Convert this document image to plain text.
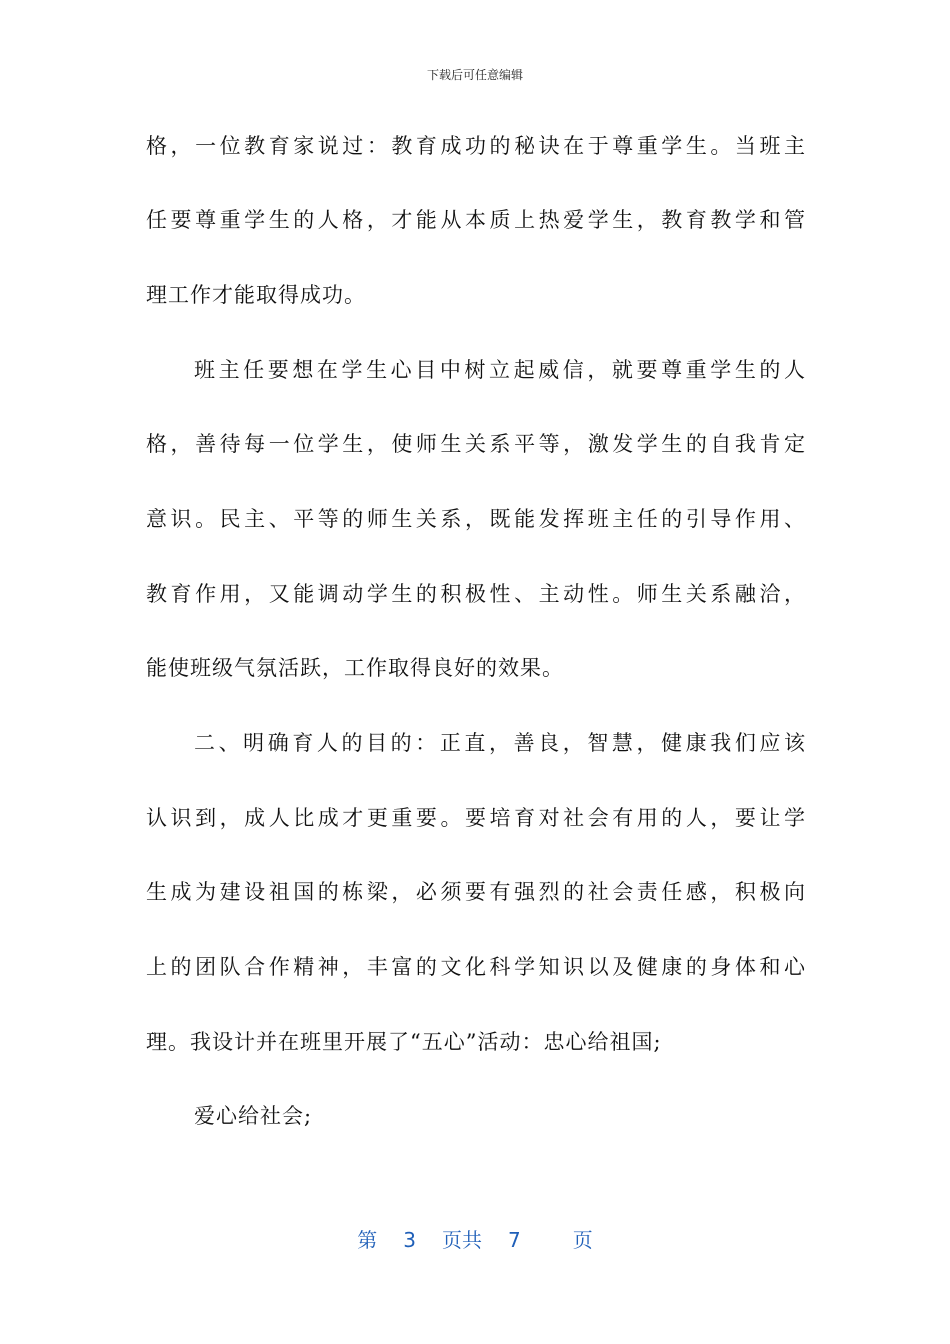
下载后可任意编辑
格，一位教育家说过：教育成功的秘诀在于尊重学生。当班主
任要尊重学生的人格，才能从本质上热爱学生，教育教学和管
理工作才能取得成功。
班主任要想在学生心目中树立起威信，就要尊重学生的人
格，善待每一位学生，使师生关系平等，激发学生的自我肯定
意识。民主、平等的师生关系，既能发挥班主任的引导作用、
教育作用，又能调动学生的积极性、主动性。师生关系融洽，
能使班级气氛活跃，工作取得良好的效果。
二、明确育人的目的：正直，善良，智慧，健康我们应该
认识到，成人比成才更重要。要培育对社会有用的人，要让学
生成为建设祖国的栋梁，必须要有强烈的社会责任感，积极向
上的团队合作精神，丰富的文化科学知识以及健康的身体和心
理。我设计并在班里开展了“五心”活动：忠心给祖国;
爱心给社会;
第 3 页共 7	页
